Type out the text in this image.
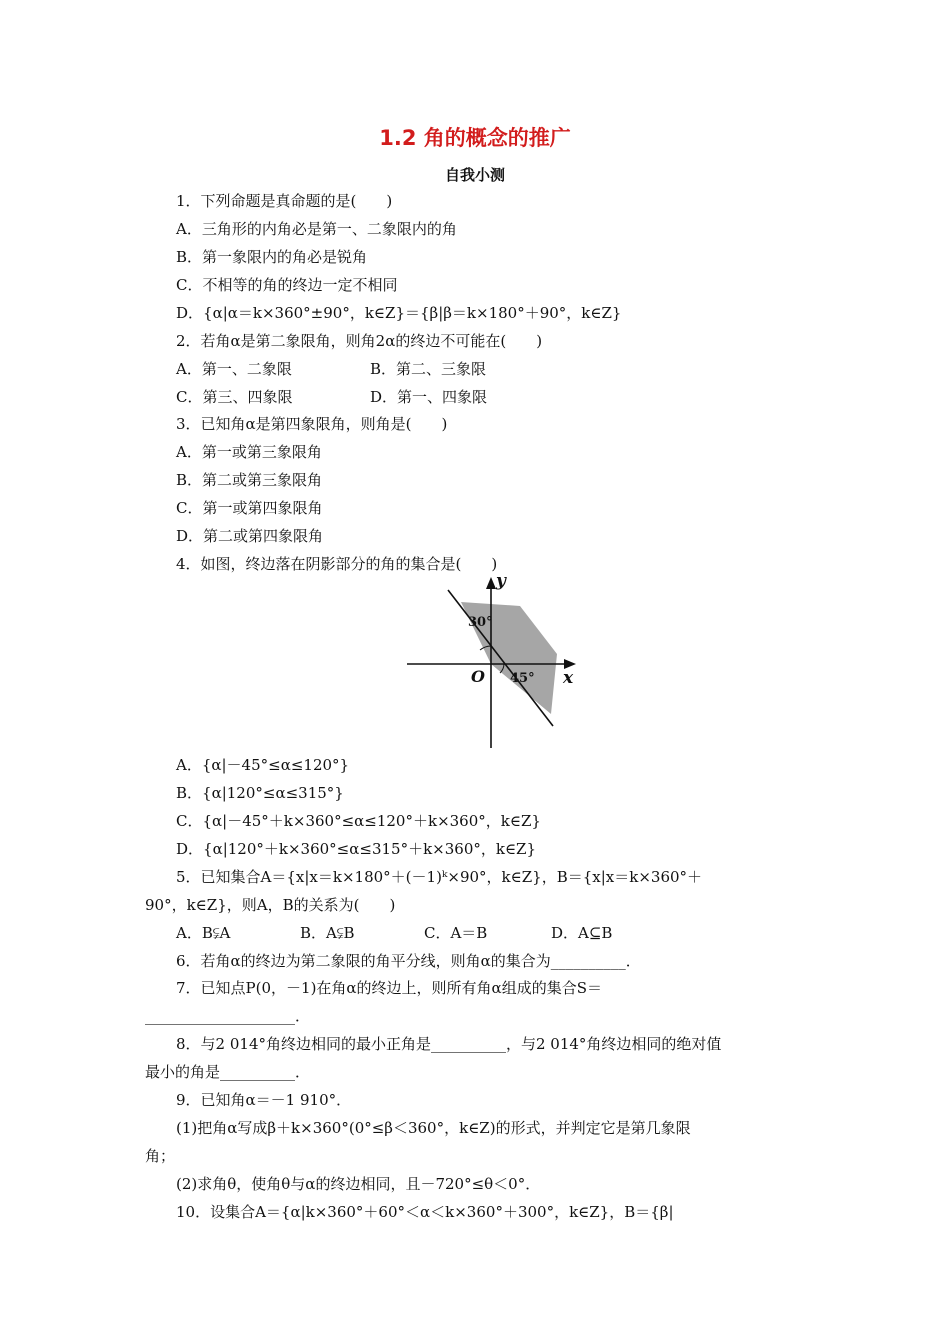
1.2 角的概念的推广
自我小测
1．下列命题是真命题的是(　　)
A．三角形的内角必是第一、二象限内的角
B．第一象限内的角必是锐角
C．不相等的角的终边一定不相同
D．{α|α＝k×360°±90°，k∈Z}＝{β|β＝k×180°＋90°，k∈Z}
2．若角α是第二象限角，则角2α的终边不可能在(　　)
A．第一、二象限	B．第二、三象限
C．第三、四象限	D．第一、四象限
3．已知角α是第四象限角，则角是(　　)
A．第一或第三象限角
B．第二或第三象限角
C．第一或第四象限角
D．第二或第四象限角
4．如图，终边落在阴影部分的角的集合是(　　)
y
x
O
30°
45°
A．{α|－45°≤α≤120°}
B．{α|120°≤α≤315°}
C．{α|－45°＋k×360°≤α≤120°＋k×360°，k∈Z}
D．{α|120°＋k×360°≤α≤315°＋k×360°，k∈Z}
5．已知集合A＝{x|x＝k×180°＋(－1)ᵏ×90°，k∈Z}，B＝{x|x＝k×360°＋
90°，k∈Z}，则A，B的关系为(　　)
A．B⫋A	B．A⫋B	C．A＝B	D．A⊆B
6．若角α的终边为第二象限的角平分线，则角α的集合为__________．
7．已知点P(0，－1)在角α的终边上，则所有角α组成的集合S＝
____________________．
8．与2 014°角终边相同的最小正角是__________，与2 014°角终边相同的绝对值
最小的角是__________．
9．已知角α＝－1 910°．
(1)把角α写成β＋k×360°(0°≤β＜360°，k∈Z)的形式，并判定它是第几象限
角；
(2)求角θ，使角θ与α的终边相同，且－720°≤θ＜0°．
10．设集合A＝{α|k×360°＋60°＜α＜k×360°＋300°，k∈Z}，B＝{β|
